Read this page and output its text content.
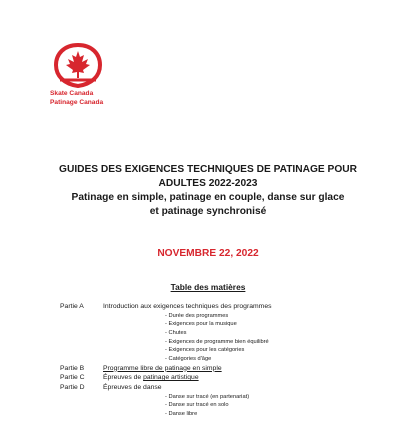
Skate Canada
Patinage Canada
GUIDES DES EXIGENCES TECHNIQUES DE PATINAGE POUR
ADULTES 2022-2023
Patinage en simple, patinage en couple, danse sur glace
et patinage synchronisé
NOVEMBRE 22, 2022
Table des matières
Partie A	Introduction aux exigences techniques des programmes
- Durée des programmes
- Exigences pour la musique
- Chutes
- Exigences de programme bien équilibré
- Exigences pour les catégories
- Catégories d'âge
Partie B	Programme libre de patinage en simple
Partie C	Épreuves de patinage artistique
Partie D	Épreuves de danse
- Danse sur tracé (en partenariat)
- Danse sur tracé en solo
- Danse libre
